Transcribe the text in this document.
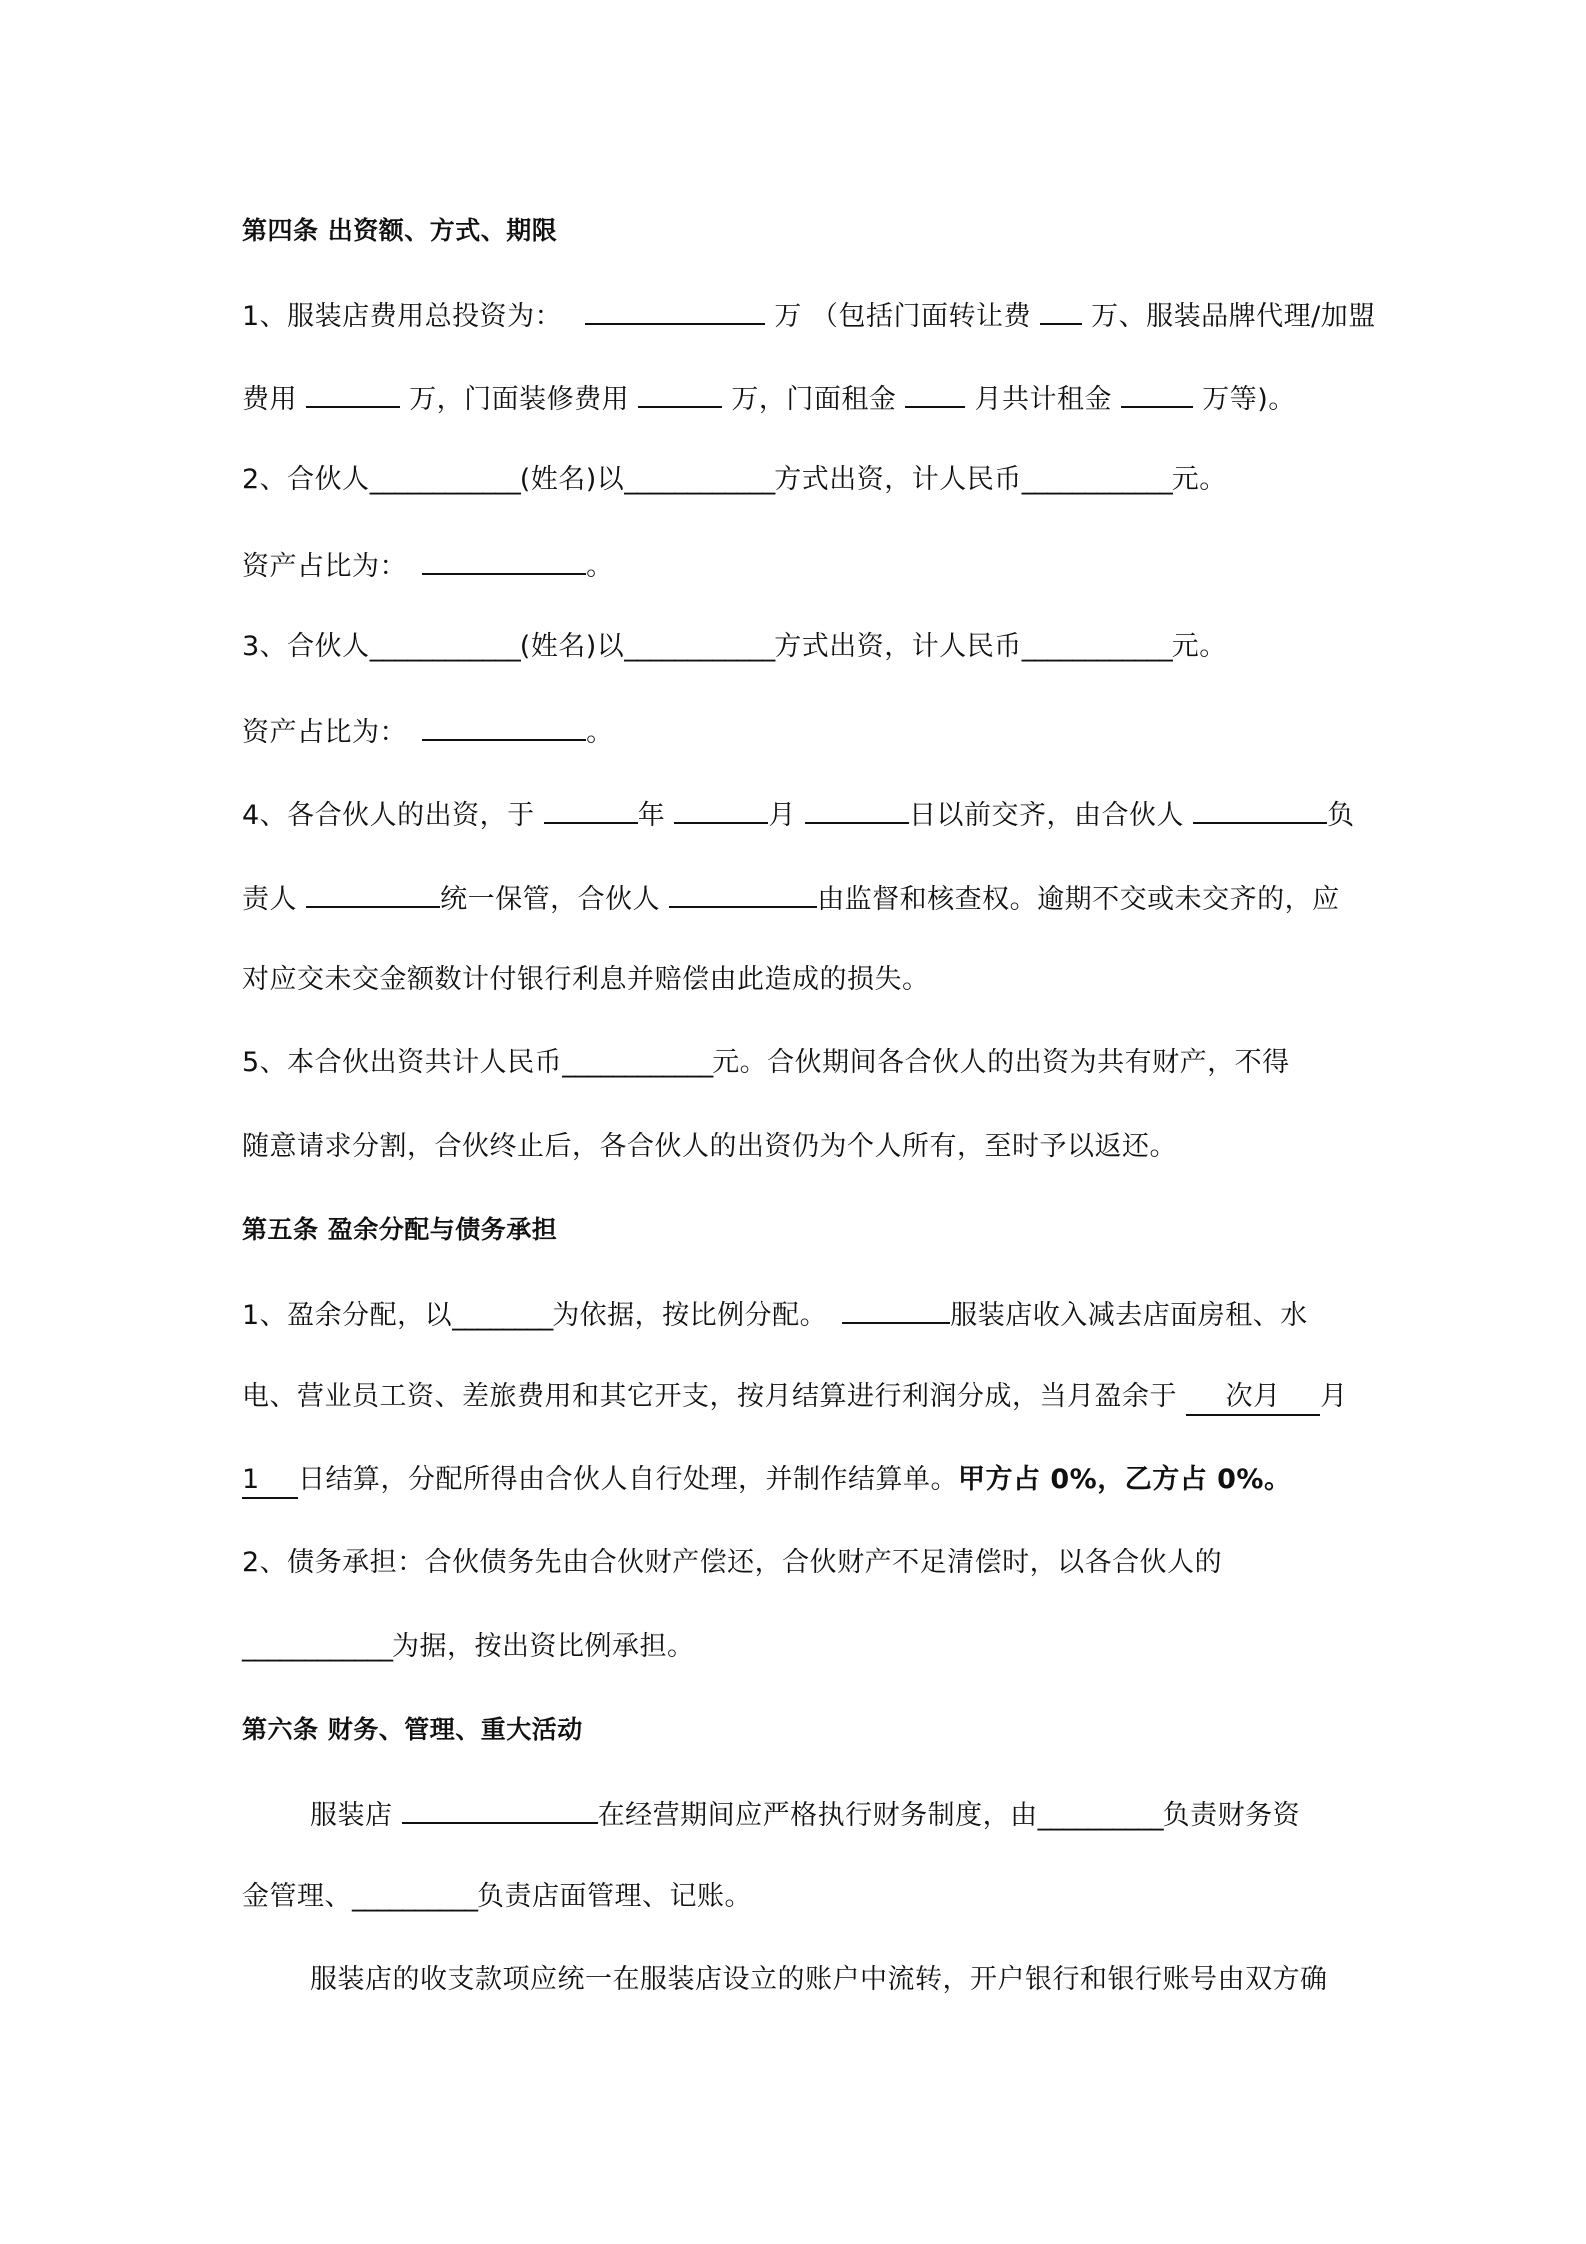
第四条 出资额、方式、期限
1、服装店费用总投资为：	万 （包括门面转让费 万、服装品牌代理/加盟
费用	万，门面装修费用	万，门面租金	月共计租金	万等)。
2、合伙人____________(姓名)以____________方式出资，计人民币____________元。
资产占比为：	。
3、合伙人____________(姓名)以____________方式出资，计人民币____________元。
资产占比为：	。
4、各合伙人的出资，于	年	月	日以前交齐，由合伙人	负
责人	统一保管，合伙人	由监督和核查权。逾期不交或未交齐的，应
对应交未交金额数计付银行利息并赔偿由此造成的损失。
5、本合伙出资共计人民币____________元。合伙期间各合伙人的出资为共有财产，不得
随意请求分割，合伙终止后，各合伙人的出资仍为个人所有，至时予以返还。
第五条 盈余分配与债务承担
1、盈余分配，以________为依据，按比例分配。	服装店收入减去店面房租、水
电、营业员工资、差旅费用和其它开支，按月结算进行利润分成，当月盈余于 次月 月
1 日结算，分配所得由合伙人自行处理，并制作结算单。甲方占 0%，乙方占 0%。
2、债务承担：合伙债务先由合伙财产偿还，合伙财产不足清偿时，以各合伙人的
____________为据，按出资比例承担。
第六条 财务、管理、重大活动
服装店	在经营期间应严格执行财务制度，由__________负责财务资
金管理、__________负责店面管理、记账。
服装店的收支款项应统一在服装店设立的账户中流转，开户银行和银行账号由双方确
